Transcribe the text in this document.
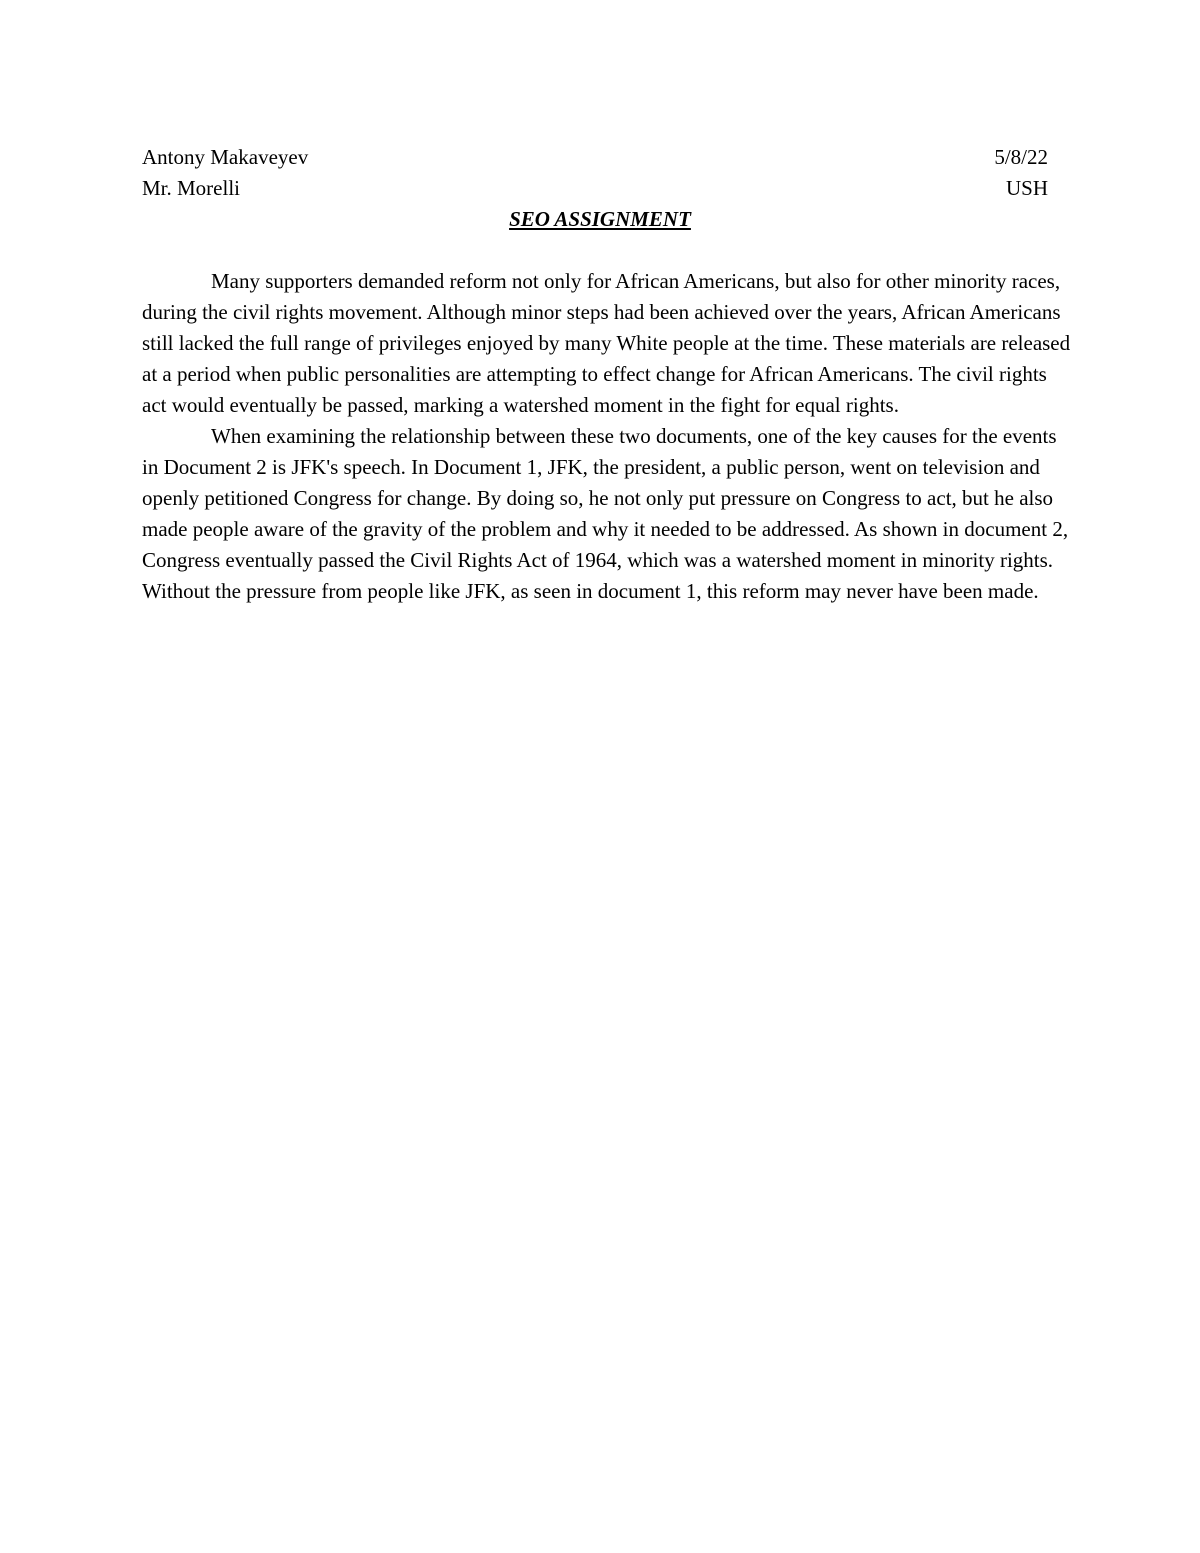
Antony Makaveyev	5/8/22
Mr. Morelli	USH
SEO ASSIGNMENT

Many supporters demanded reform not only for African Americans, but also for other minority races, during the civil rights movement. Although minor steps had been achieved over the years, African Americans still lacked the full range of privileges enjoyed by many White people at the time. These materials are released at a period when public personalities are attempting to effect change for African Americans. The civil rights act would eventually be passed, marking a watershed moment in the fight for equal rights.

When examining the relationship between these two documents, one of the key causes for the events in Document 2 is JFK's speech. In Document 1, JFK, the president, a public person, went on television and openly petitioned Congress for change. By doing so, he not only put pressure on Congress to act, but he also made people aware of the gravity of the problem and why it needed to be addressed. As shown in document 2, Congress eventually passed the Civil Rights Act of 1964, which was a watershed moment in minority rights. Without the pressure from people like JFK, as seen in document 1, this reform may never have been made.
